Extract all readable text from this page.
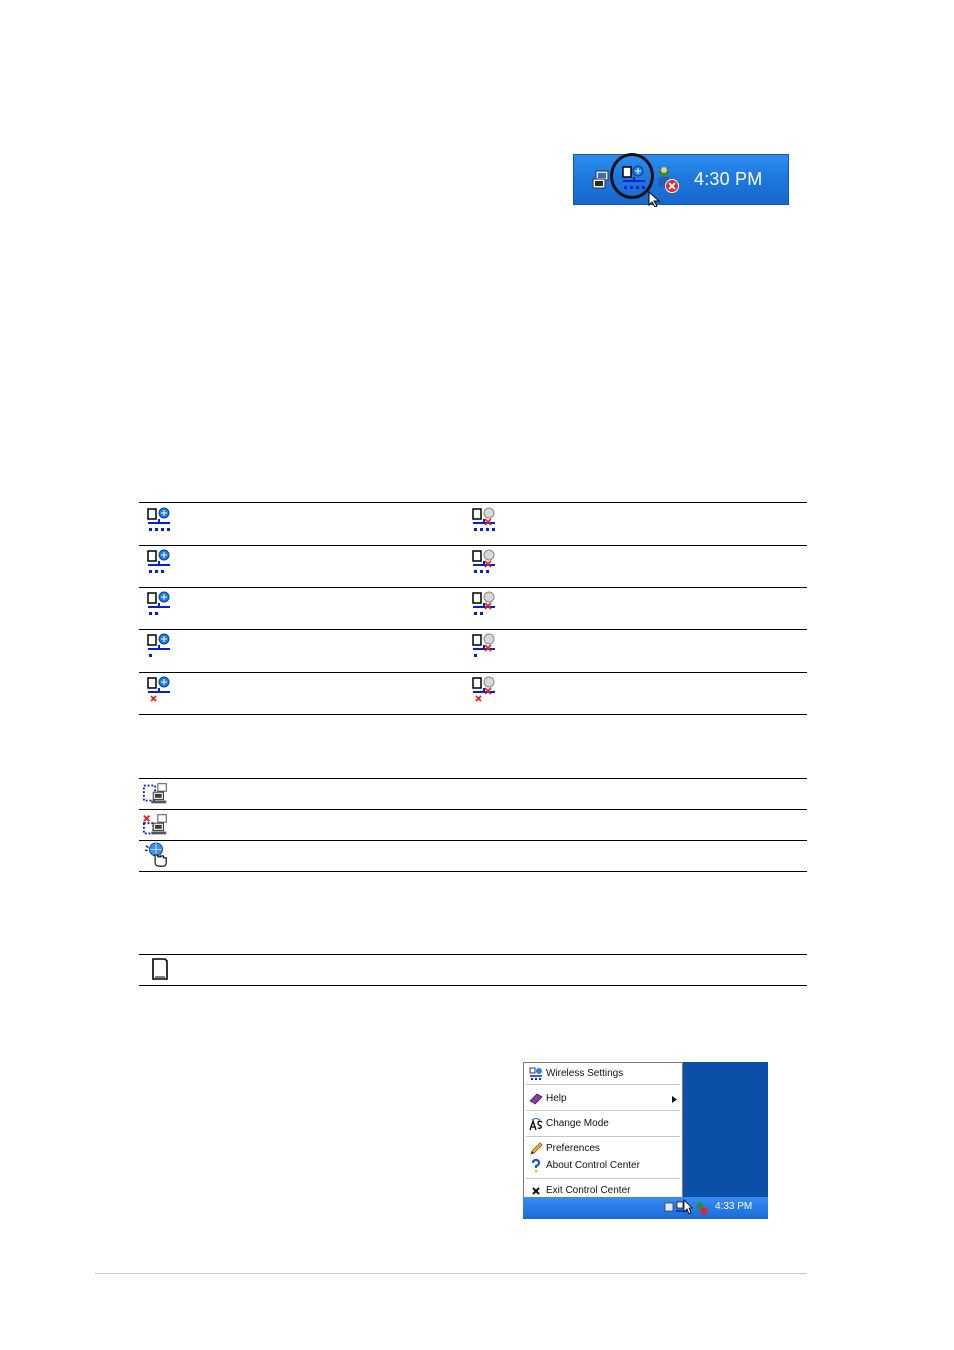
4:30 PM
Wireless Settings
Help
Change Mode
Preferences
About Control Center
Exit Control Center
4:33 PM
